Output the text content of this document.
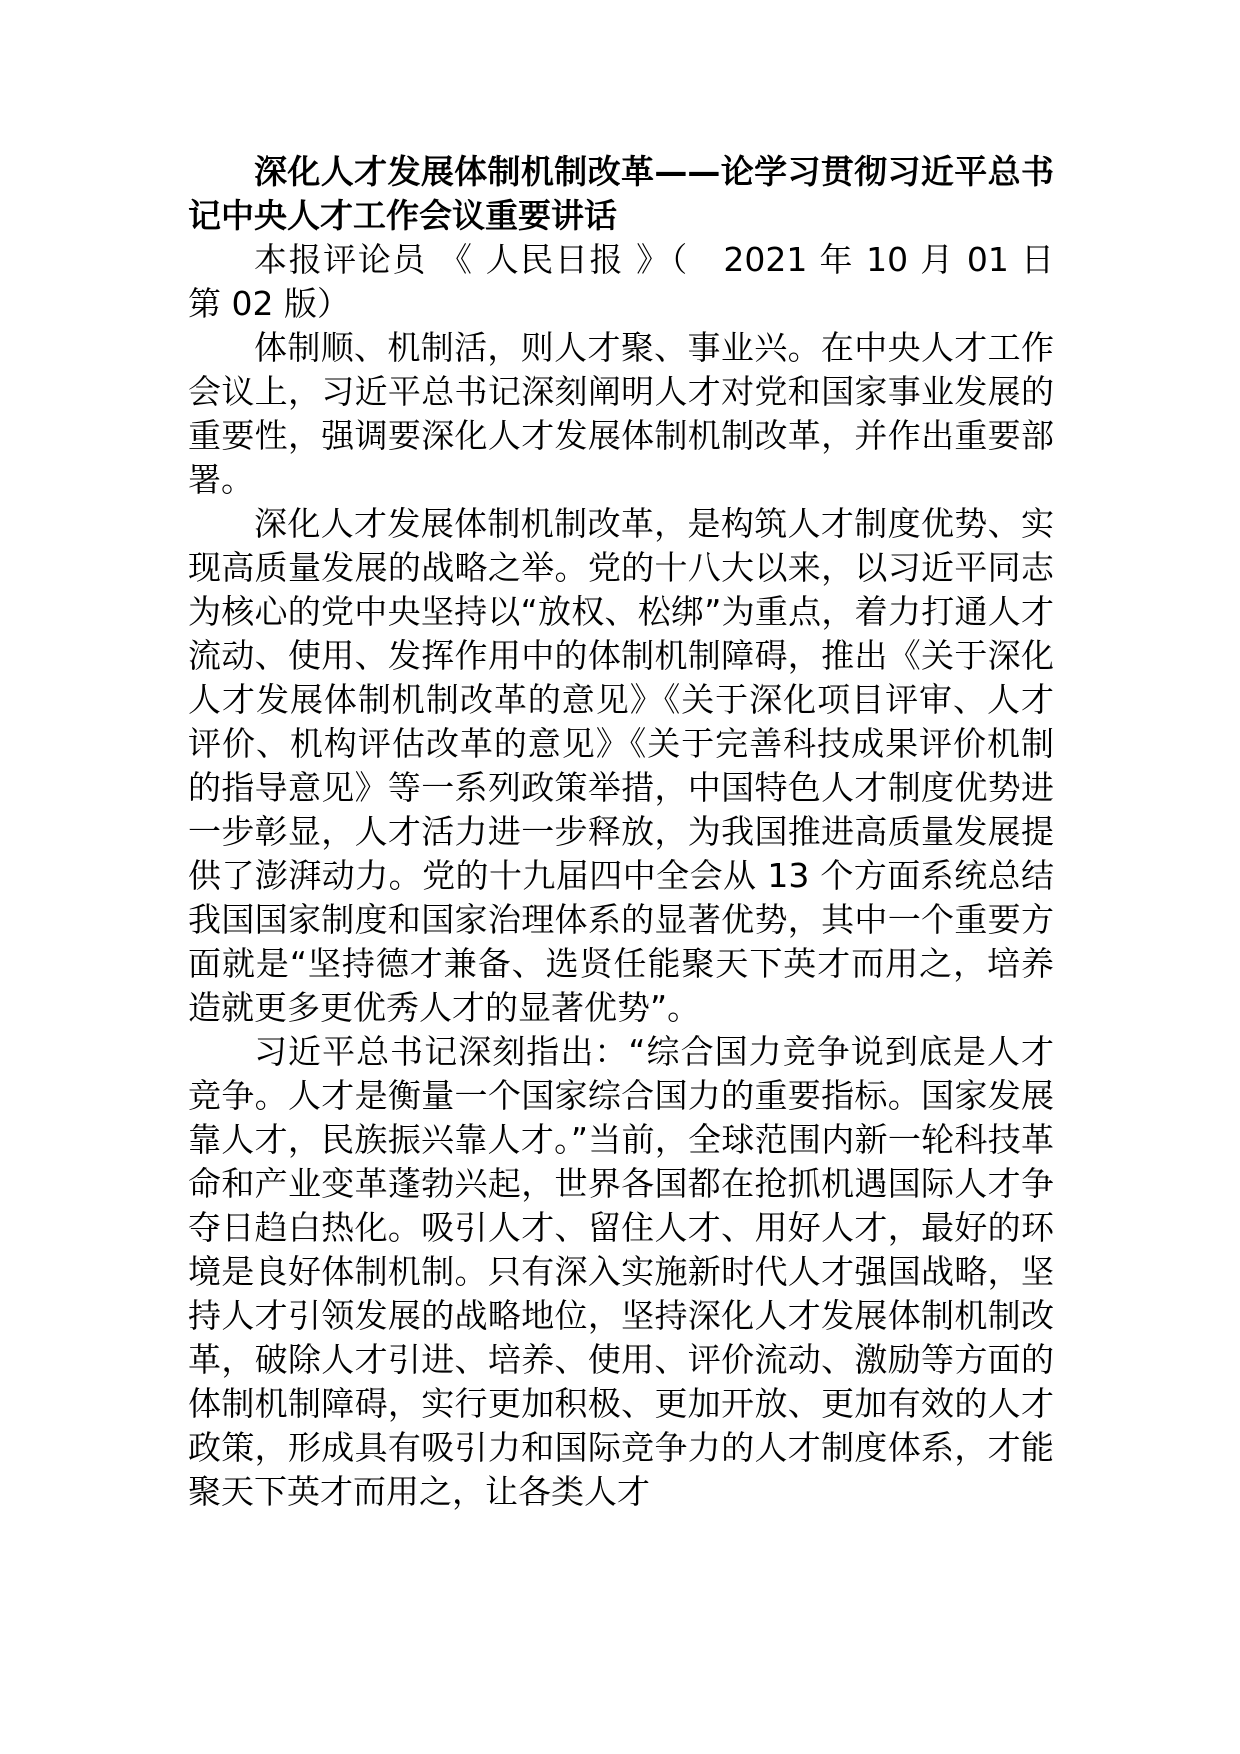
深化人才发展体制机制改革——论学习贯彻习近平总书记中央人才工作会议重要讲话

本报评论员 《 人民日报 》（　2021 年 10 月 01 日 第 02 版）

体制顺、机制活，则人才聚、事业兴。在中央人才工作会议上，习近平总书记深刻阐明人才对党和国家事业发展的重要性，强调要深化人才发展体制机制改革，并作出重要部署。

深化人才发展体制机制改革，是构筑人才制度优势、实现高质量发展的战略之举。党的十八大以来，以习近平同志为核心的党中央坚持以“放权、松绑”为重点，着力打通人才流动、使用、发挥作用中的体制机制障碍，推出《关于深化人才发展体制机制改革的意见》《关于深化项目评审、人才评价、机构评估改革的意见》《关于完善科技成果评价机制的指导意见》等一系列政策举措，中国特色人才制度优势进一步彰显，人才活力进一步释放，为我国推进高质量发展提供了澎湃动力。党的十九届四中全会从 13 个方面系统总结我国国家制度和国家治理体系的显著优势，其中一个重要方面就是“坚持德才兼备、选贤任能聚天下英才而用之，培养造就更多更优秀人才的显著优势”。

习近平总书记深刻指出：“综合国力竞争说到底是人才竞争。人才是衡量一个国家综合国力的重要指标。国家发展靠人才，民族振兴靠人才。”当前，全球范围内新一轮科技革命和产业变革蓬勃兴起，世界各国都在抢抓机遇国际人才争夺日趋白热化。吸引人才、留住人才、用好人才，最好的环境是良好体制机制。只有深入实施新时代人才强国战略，坚持人才引领发展的战略地位，坚持深化人才发展体制机制改革，破除人才引进、培养、使用、评价流动、激励等方面的体制机制障碍，实行更加积极、更加开放、更加有效的人才政策，形成具有吸引力和国际竞争力的人才制度体系，才能聚天下英才而用之，让各类人才
